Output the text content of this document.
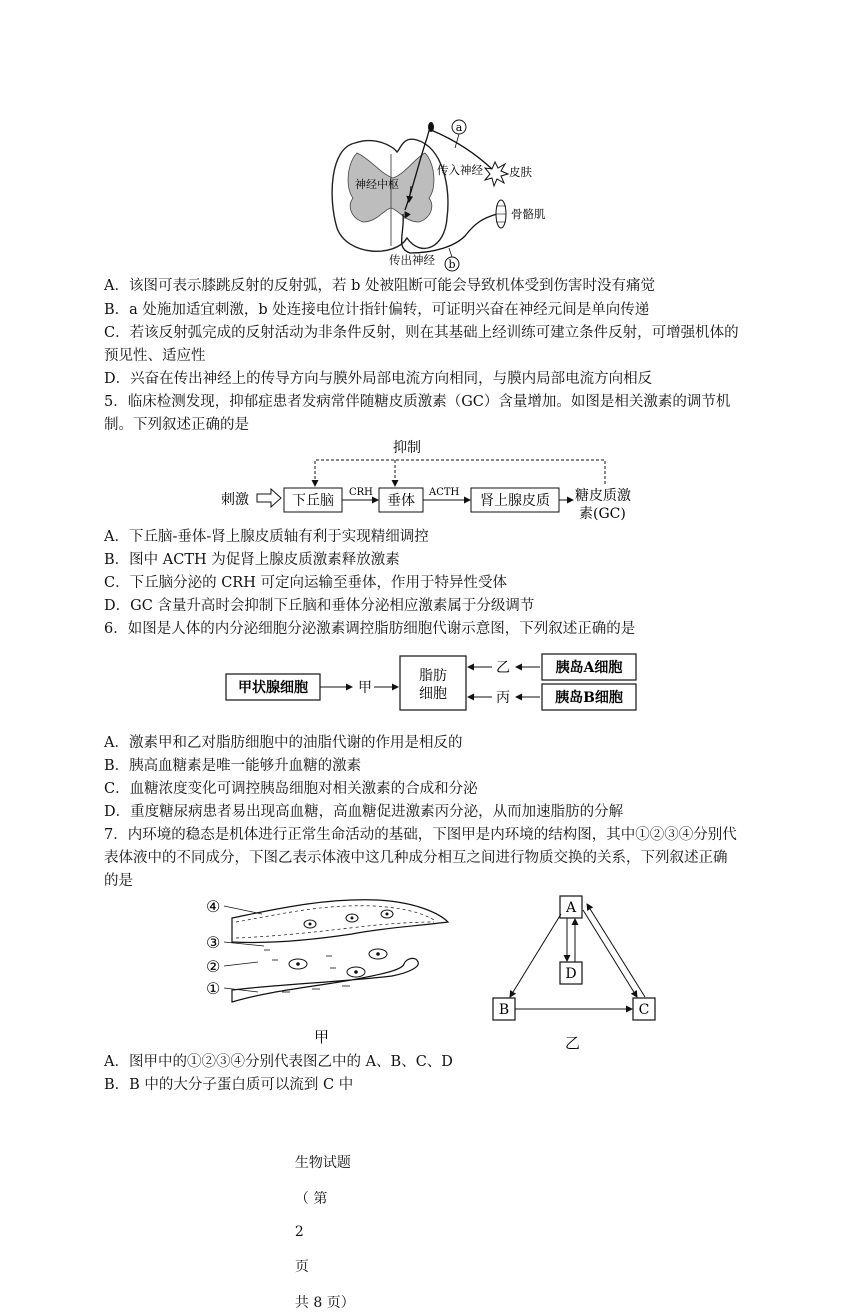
a
b
神经中枢
传入神经 皮肤
骨骼肌
传出神经
A．该图可表示膝跳反射的反射弧，若 b 处被阻断可能会导致机体受到伤害时没有痛觉
B．a 处施加适宜刺激，b 处连接电位计指针偏转，可证明兴奋在神经元间是单向传递
C．若该反射弧完成的反射活动为非条件反射，则在其基础上经训练可建立条件反射，可增强机体的
预见性、适应性
D．兴奋在传出神经上的传导方向与膜外局部电流方向相同，与膜内局部电流方向相反
5．临床检测发现，抑郁症患者发病常伴随糖皮质激素（GC）含量增加。如图是相关激素的调节机
制。下列叙述正确的是
抑制
刺激	下丘脑
CRH
垂体
ACTH
肾上腺皮质 糖皮质激
素(GC)
A．下丘脑-垂体-肾上腺皮质轴有利于实现精细调控
B．图中 ACTH 为促肾上腺皮质激素释放激素
C．下丘脑分泌的 CRH 可定向运输至垂体，作用于特异性受体
D．GC 含量升高时会抑制下丘脑和垂体分泌相应激素属于分级调节
6．如图是人体的内分泌细胞分泌激素调控脂肪细胞代谢示意图，下列叙述正确的是
甲状腺细胞	甲
脂肪
细胞
乙
丙
胰岛A细胞
胰岛B细胞
A．激素甲和乙对脂肪细胞中的油脂代谢的作用是相反的
B．胰高血糖素是唯一能够升血糖的激素
C．血糖浓度变化可调控胰岛细胞对相关激素的合成和分泌
D．重度糖尿病患者易出现高血糖，高血糖促进激素丙分泌，从而加速脂肪的分解
7．内环境的稳态是机体进行正常生命活动的基础，下图甲是内环境的结构图，其中①②③④分别代
表体液中的不同成分，下图乙表示体液中这几种成分相互之间进行物质交换的关系，下列叙述正确
的是
④
③
②
①
甲
A
D
B	C
乙
A．图甲中的①②③④分别代表图乙中的 A、B、C、D
B．B 中的大分子蛋白质可以流到 C 中

生物试题

（ 第

2

页

共 8 页）
